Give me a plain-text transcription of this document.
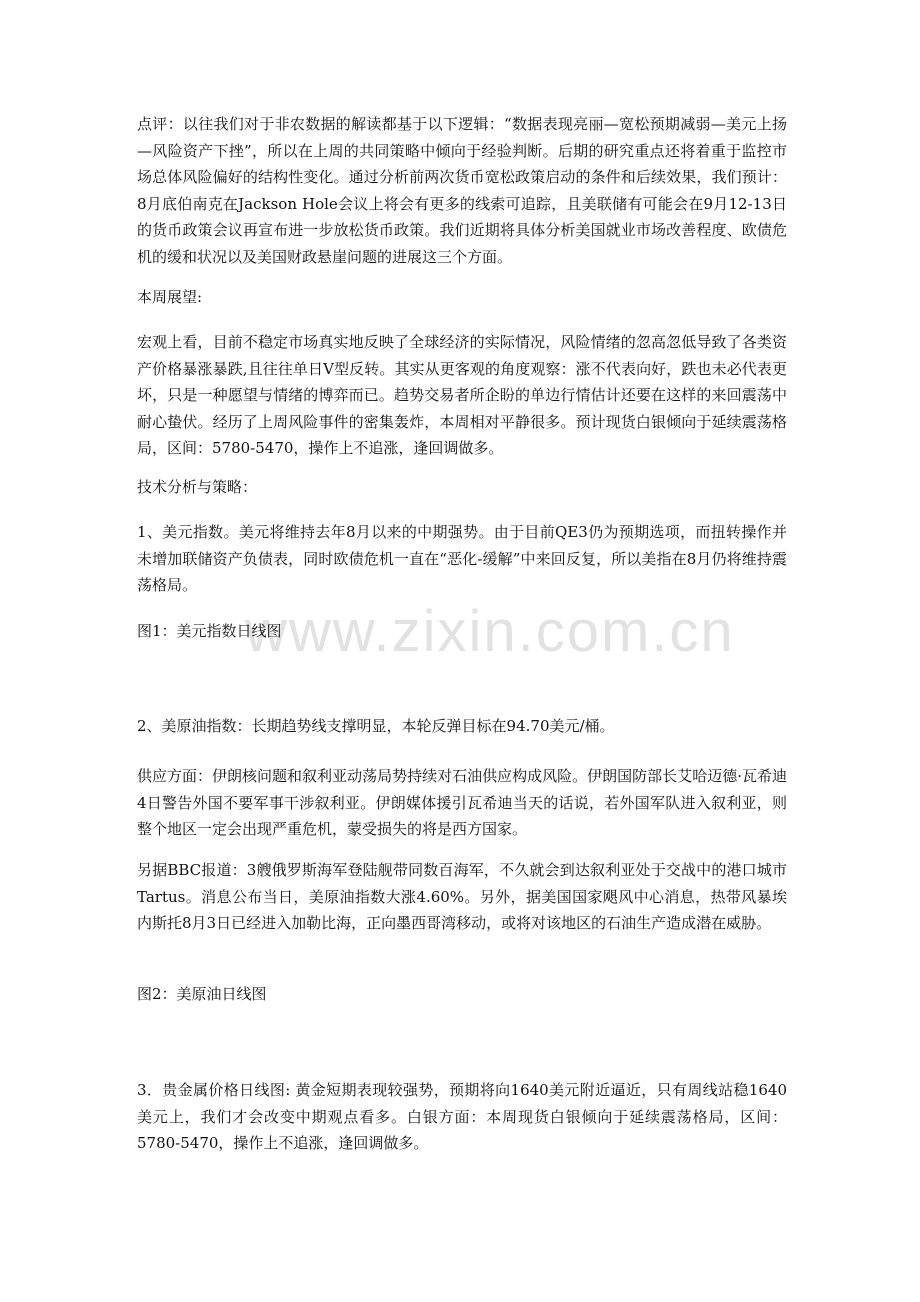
www.zixin.com.cn

点评：以往我们对于非农数据的解读都基于以下逻辑：“数据表现亮丽—宽松预期减弱—美元上扬—风险资产下挫”，所以在上周的共同策略中倾向于经验判断。后期的研究重点还将着重于监控市场总体风险偏好的结构性变化。通过分析前两次货币宽松政策启动的条件和后续效果，我们预计：8月底伯南克在Jackson Hole会议上将会有更多的线索可追踪，且美联储有可能会在9月12-13日的货币政策会议再宣布进一步放松货币政策。我们近期将具体分析美国就业市场改善程度、欧债危机的缓和状况以及美国财政悬崖问题的进展这三个方面。

本周展望:

宏观上看，目前不稳定市场真实地反映了全球经济的实际情况，风险情绪的忽高忽低导致了各类资产价格暴涨暴跌,且往往单日V型反转。其实从更客观的角度观察：涨不代表向好，跌也未必代表更坏，只是一种愿望与情绪的博弈而已。趋势交易者所企盼的单边行情估计还要在这样的来回震荡中耐心蛰伏。经历了上周风险事件的密集轰炸，本周相对平静很多。预计现货白银倾向于延续震荡格局，区间：5780-5470，操作上不追涨，逢回调做多。

技术分析与策略：

1、美元指数。美元将维持去年8月以来的中期强势。由于目前QE3仍为预期选项，而扭转操作并未增加联储资产负债表，同时欧债危机一直在“恶化-缓解”中来回反复，所以美指在8月仍将维持震荡格局。

图1：美元指数日线图

2、美原油指数：长期趋势线支撑明显，本轮反弹目标在94.70美元/桶。

供应方面：伊朗核问题和叙利亚动荡局势持续对石油供应构成风险。伊朗国防部长艾哈迈德·瓦希迪4日警告外国不要军事干涉叙利亚。伊朗媒体援引瓦希迪当天的话说，若外国军队进入叙利亚，则整个地区一定会出现严重危机，蒙受损失的将是西方国家。

另据BBC报道：3艘俄罗斯海军登陆舰带同数百海军，不久就会到达叙利亚处于交战中的港口城市Tartus。消息公布当日，美原油指数大涨4.60%。另外，据美国国家飓风中心消息，热带风暴埃内斯托8月3日已经进入加勒比海，正向墨西哥湾移动，或将对该地区的石油生产造成潜在威胁。

图2：美原油日线图

3．贵金属价格日线图: 黄金短期表现较强势，预期将向1640美元附近逼近，只有周线站稳1640美元上，我们才会改变中期观点看多。白银方面：本周现货白银倾向于延续震荡格局，区间：5780-5470，操作上不追涨，逢回调做多。
